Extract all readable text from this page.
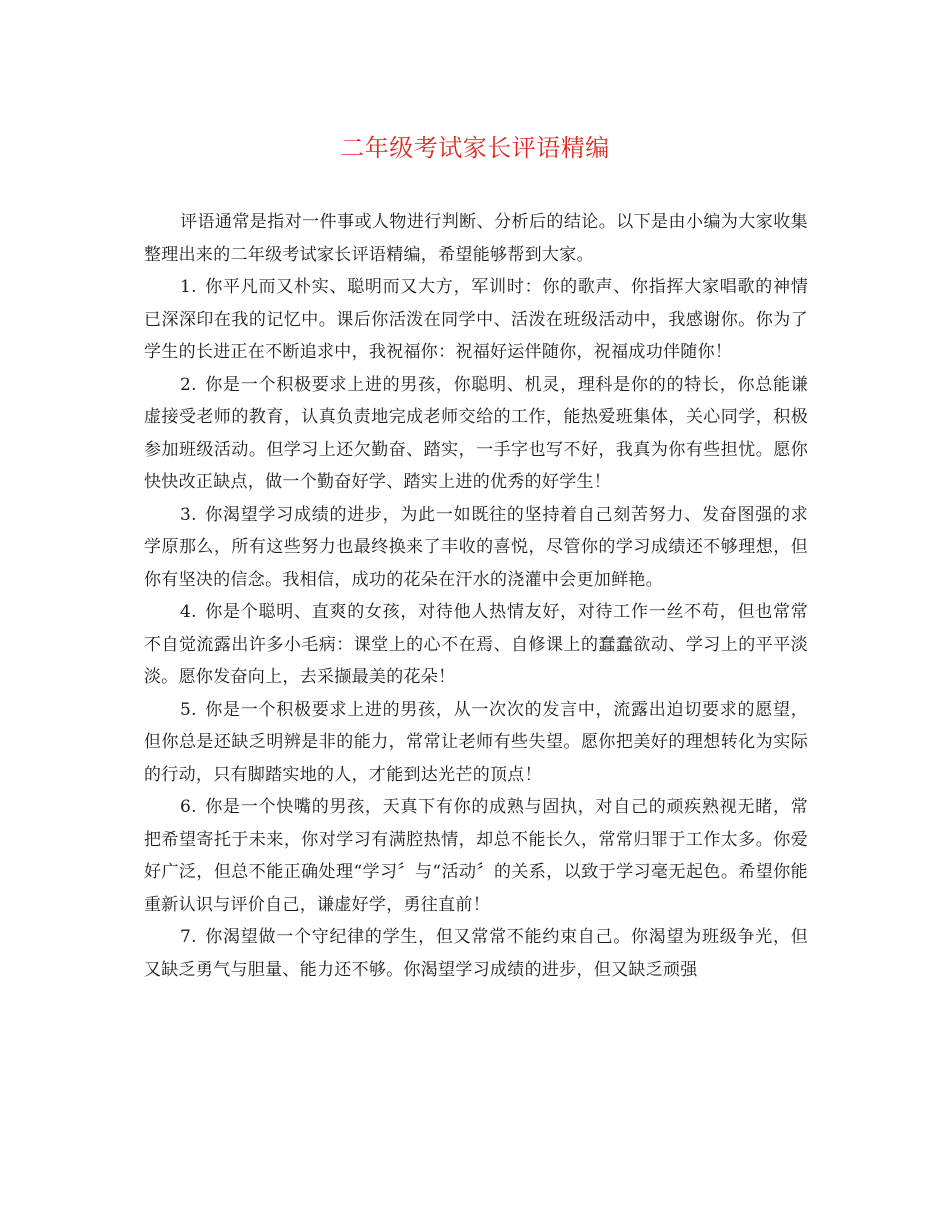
二年级考试家长评语精编

评语通常是指对一件事或人物进行判断、分析后的结论。以下是由小编为大家收集整理出来的二年级考试家长评语精编，希望能够帮到大家。

1. 你平凡而又朴实、聪明而又大方，军训时：你的歌声、你指挥大家唱歌的神情已深深印在我的记忆中。课后你活泼在同学中、活泼在班级活动中，我感谢你。你为了学生的长进正在不断追求中，我祝福你：祝福好运伴随你，祝福成功伴随你！

2. 你是一个积极要求上进的男孩，你聪明、机灵，理科是你的的特长，你总能谦虚接受老师的教育，认真负责地完成老师交给的工作，能热爱班集体，关心同学，积极参加班级活动。但学习上还欠勤奋、踏实，一手字也写不好，我真为你有些担忧。愿你快快改正缺点，做一个勤奋好学、踏实上进的优秀的好学生！

3. 你渴望学习成绩的进步，为此一如既往的坚持着自己刻苦努力、发奋图强的求学原那么，所有这些努力也最终换来了丰收的喜悦，尽管你的学习成绩还不够理想，但你有坚决的信念。我相信，成功的花朵在汗水的浇灌中会更加鲜艳。

4. 你是个聪明、直爽的女孩，对待他人热情友好，对待工作一丝不苟，但也常常不自觉流露出许多小毛病：课堂上的心不在焉、自修课上的蠢蠢欲动、学习上的平平淡淡。愿你发奋向上，去采撷最美的花朵！

5. 你是一个积极要求上进的男孩，从一次次的发言中，流露出迫切要求的愿望，但你总是还缺乏明辨是非的能力，常常让老师有些失望。愿你把美好的理想转化为实际的行动，只有脚踏实地的人，才能到达光芒的顶点！

6. 你是一个快嘴的男孩，天真下有你的成熟与固执，对自己的顽疾熟视无睹，常把希望寄托于未来，你对学习有满腔热情，却总不能长久，常常归罪于工作太多。你爱好广泛，但总不能正确处理“学习〞与“活动〞的关系，以致于学习毫无起色。希望你能重新认识与评价自己，谦虚好学，勇往直前！

7. 你渴望做一个守纪律的学生，但又常常不能约束自己。你渴望为班级争光，但又缺乏勇气与胆量、能力还不够。你渴望学习成绩的进步，但又缺乏顽强
